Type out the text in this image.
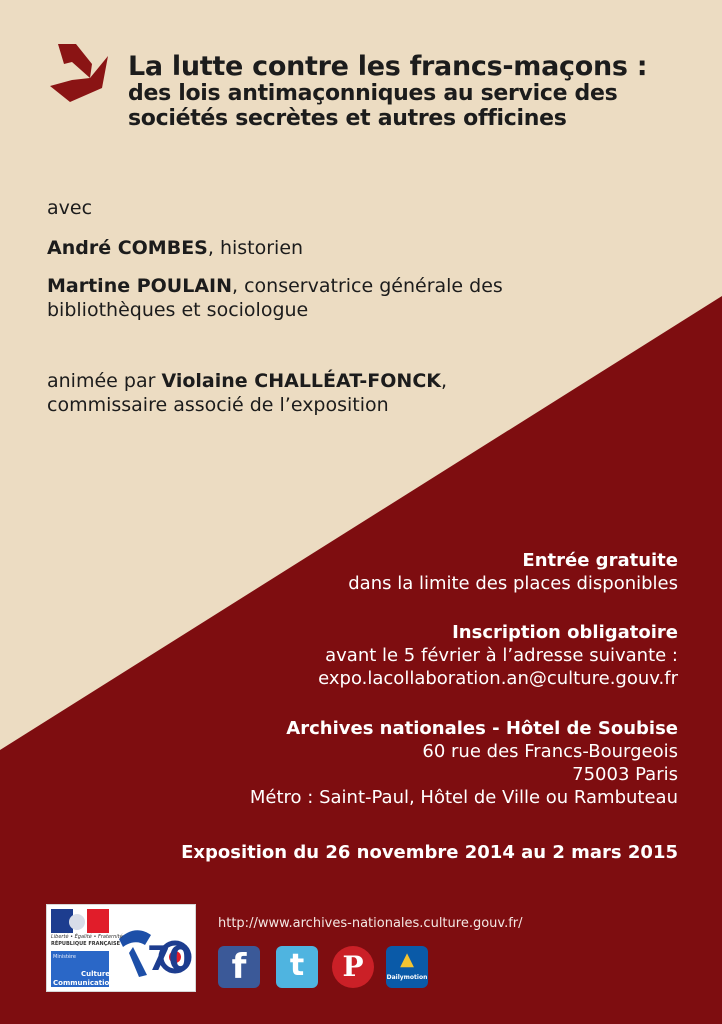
La lutte contre les francs-maçons :
des lois antimaçonniques au service des
sociétés secrètes et autres officines
avec
André COMBES, historien
Martine POULAIN, conservatrice générale des
bibliothèques et sociologue
animée par Violaine CHALLÉAT-FONCK,
commissaire associé de l’exposition
Entrée gratuite
dans la limite des places disponibles
Inscription obligatoire
avant le 5 février à l’adresse suivante :
expo.lacollaboration.an@culture.gouv.fr
Archives nationales - Hôtel de Soubise
60 rue des Francs-Bourgeois
75003 Paris
Métro : Saint-Paul, Hôtel de Ville ou Rambuteau
Exposition du 26 novembre 2014 au 2 mars 2015
Liberté • Égalité • Fraternité
RÉPUBLIQUE FRANÇAISE
Ministère
Culture
Communication
70
http://www.archives-nationales.culture.gouv.fr/
f	t	P	▲
Dailymotion
